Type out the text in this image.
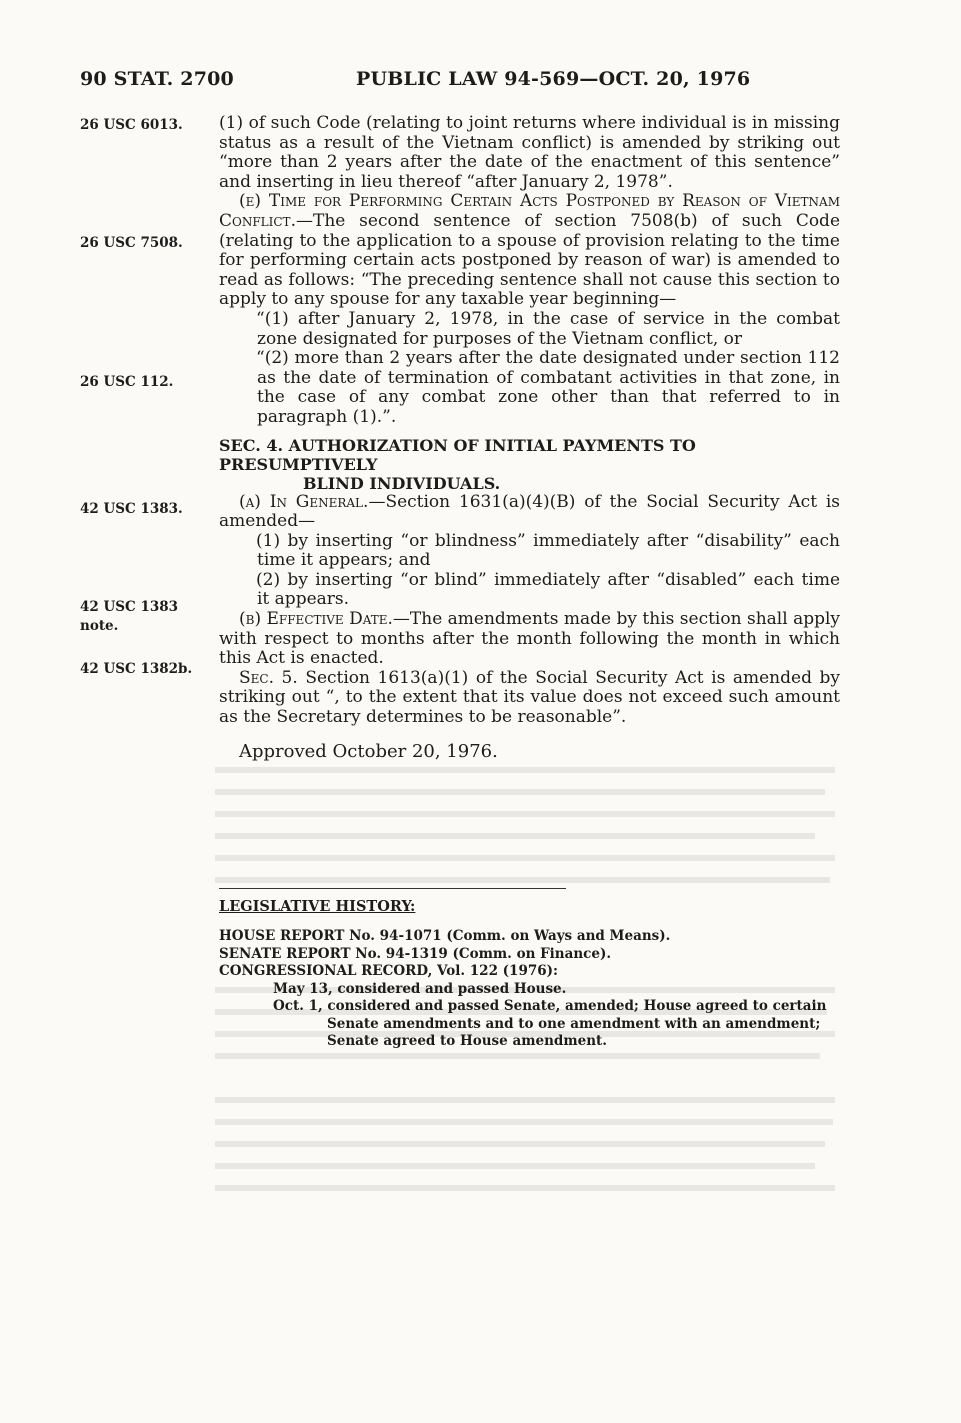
90 STAT. 2700	PUBLIC LAW 94-569—OCT. 20, 1976
26 USC 6013.
26 USC 7508.
26 USC 112.
42 USC 1383.
42 USC 1383
note.
42 USC 1382b.

(1) of such Code (relating to joint returns where individual is in missing status as a result of the Vietnam conflict) is amended by striking out “more than 2 years after the date of the enactment of this sentence” and inserting in lieu thereof “after January 2, 1978”.

(e) Time for Performing Certain Acts Postponed by Reason of Vietnam Conflict.—The second sentence of section 7508(b) of such Code (relating to the application to a spouse of provision relating to the time for performing certain acts postponed by reason of war) is amended to read as follows: “The preceding sentence shall not cause this section to apply to any spouse for any taxable year beginning—

“(1) after January 2, 1978, in the case of service in the combat zone designated for purposes of the Vietnam conflict, or

“(2) more than 2 years after the date designated under section 112 as the date of termination of combatant activities in that zone, in the case of any combat zone other than that referred to in paragraph (1).”.

SEC. 4. AUTHORIZATION OF INITIAL PAYMENTS TO PRESUMPTIVELY
BLIND INDIVIDUALS.

(a) In General.—Section 1631(a)(4)(B) of the Social Security Act is amended—

(1) by inserting “or blindness” immediately after “disability” each time it appears; and

(2) by inserting “or blind” immediately after “disabled” each time it appears.

(b) Effective Date.—The amendments made by this section shall apply with respect to months after the month following the month in which this Act is enacted.

Sec. 5. Section 1613(a)(1) of the Social Security Act is amended by striking out “, to the extent that its value does not exceed such amount as the Secretary determines to be reasonable”.

Approved October 20, 1976.

LEGISLATIVE HISTORY:
HOUSE REPORT No. 94-1071 (Comm. on Ways and Means).
SENATE REPORT No. 94-1319 (Comm. on Finance).
CONGRESSIONAL RECORD, Vol. 122 (1976):
May 13, considered and passed House.
Oct. 1, considered and passed Senate, amended; House agreed to certain Senate amendments and to one amendment with an amendment; Senate agreed to House amendment.
